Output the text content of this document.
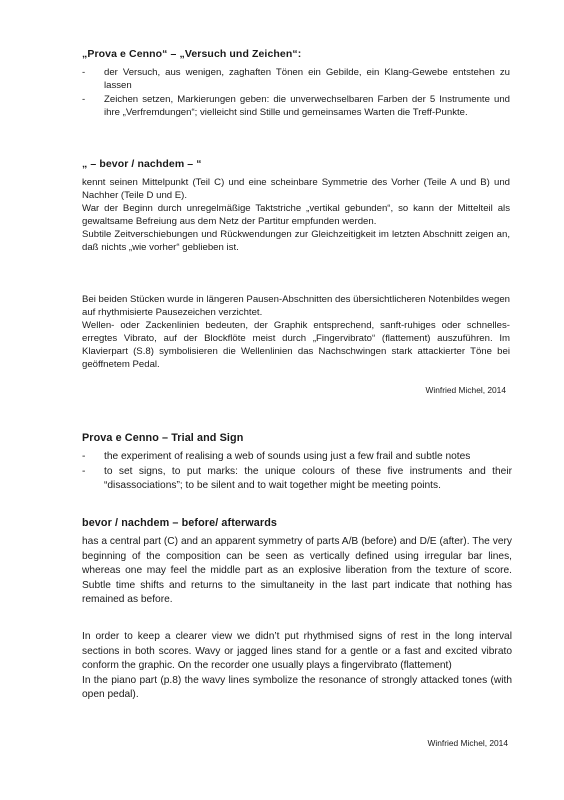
„Prova e Cenno“ – „Versuch und Zeichen“:
- der Versuch, aus wenigen, zaghaften Tönen ein Gebilde, ein Klang-Gewebe entstehen zu lassen
- Zeichen setzen, Markierungen geben: die unverwechselbaren Farben der 5 Instrumente und ihre „Verfremdungen“; vielleicht sind Stille und gemeinsames Warten die Treff-Punkte.
„ – bevor / nachdem – “

kennt seinen Mittelpunkt (Teil C) und eine scheinbare Symmetrie des Vorher (Teile A und B) und Nachher (Teile D und E).

War der Beginn durch unregelmäßige Taktstriche „vertikal gebunden“, so kann der Mittelteil als gewaltsame Befreiung aus dem Netz der Partitur empfunden werden.

Subtile Zeitverschiebungen und Rückwendungen zur Gleichzeitigkeit im letzten Abschnitt zeigen an, daß nichts „wie vorher“ geblieben ist.

Bei beiden Stücken wurde in längeren Pausen-Abschnitten des übersichtlicheren Notenbildes wegen auf rhythmisierte Pausezeichen verzichtet.

Wellen- oder Zackenlinien bedeuten, der Graphik entsprechend, sanft-ruhiges oder schnelles-erregtes Vibrato, auf der Blockflöte meist durch „Fingervibrato“ (flattement) auszuführen. Im Klavierpart (S.8) symbolisieren die Wellenlinien das Nachschwingen stark attackierter Töne bei geöffnetem Pedal.

Winfried Michel, 2014

Prova e Cenno – Trial and Sign
- the experiment of realising a web of sounds using just a few frail and subtle notes
- to set signs, to put marks: the unique colours of these five instruments and their “disassociations”; to be silent and to wait together might be meeting points.
bevor / nachdem – before/ afterwards

has a central part (C) and an apparent symmetry of parts A/B (before) and D/E (after). The very beginning of the composition can be seen as vertically defined using irregular bar lines, whereas one may feel the middle part as an explosive liberation from the texture of score. Subtle time shifts and returns to the simultaneity in the last part indicate that nothing has remained as before.

In order to keep a clearer view we didn’t put rhythmised signs of rest in the long interval sections in both scores. Wavy or jagged lines stand for a gentle or a fast and excited vibrato conform the graphic. On the recorder one usually plays a fingervibrato (flattement)

In the piano part (p.8) the wavy lines symbolize the resonance of strongly attacked tones (with open pedal).

Winfried Michel, 2014
